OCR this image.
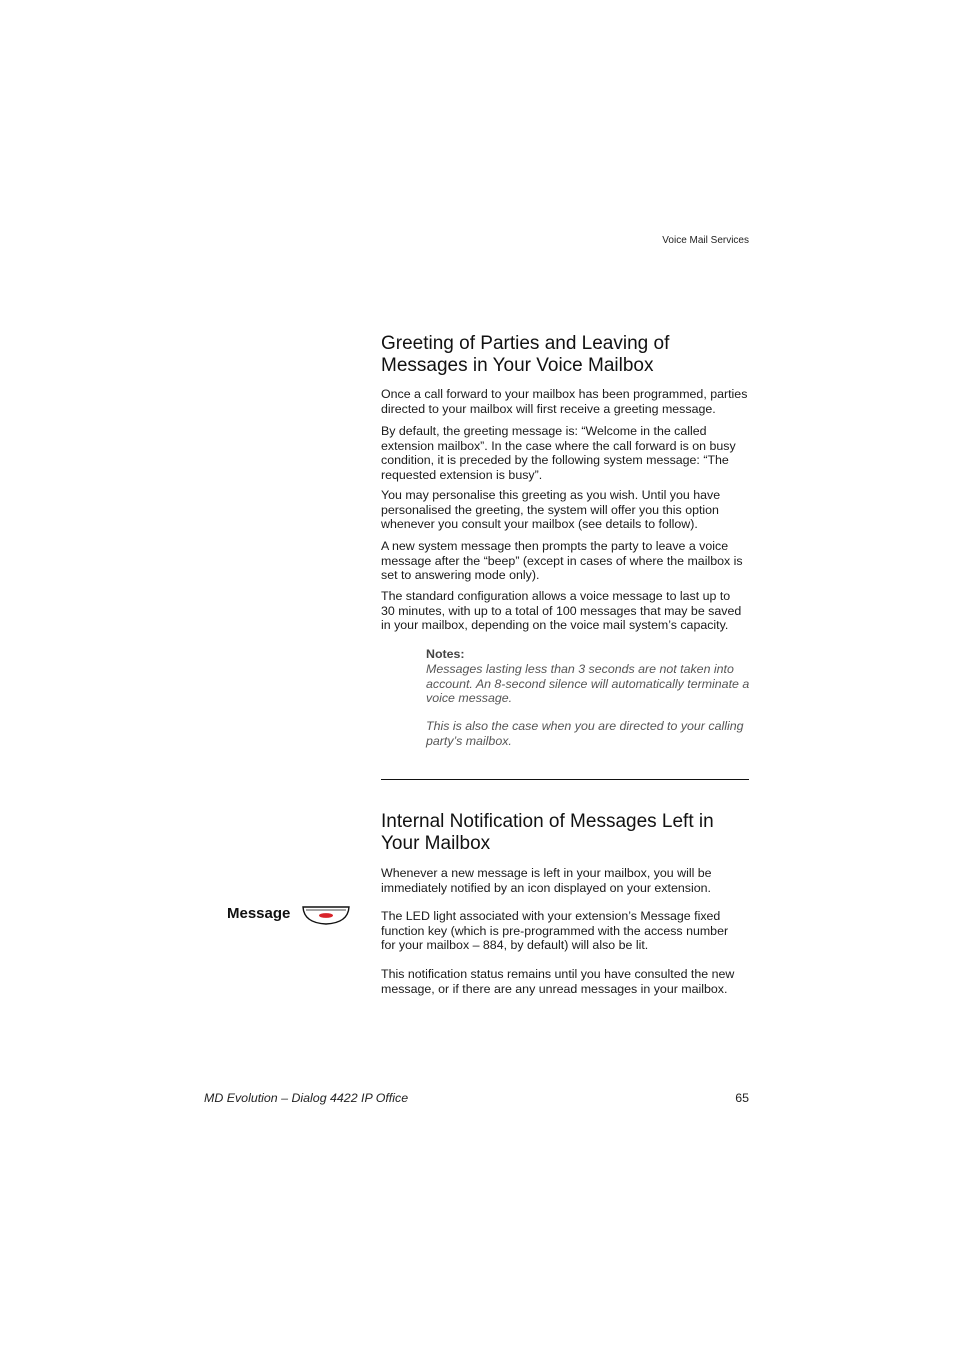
Voice Mail Services
Greeting of Parties and Leaving of
Messages in Your Voice Mailbox

Once a call forward to your mailbox has been programmed, parties
directed to your mailbox will first receive a greeting message.

By default, the greeting message is: “Welcome in the called
extension mailbox”. In the case where the call forward is on busy
condition, it is preceded by the following system message: “The
requested extension is busy”.

You may personalise this greeting as you wish. Until you have
personalised the greeting, the system will offer you this option
whenever you consult your mailbox (see details to follow).

A new system message then prompts the party to leave a voice
message after the “beep” (except in cases of where the mailbox is
set to answering mode only).

The standard configuration allows a voice message to last up to
30 minutes, with up to a total of 100 messages that may be saved
in your mailbox, depending on the voice mail system’s capacity.

Notes:

Messages lasting less than 3 seconds are not taken into
account. An 8-second silence will automatically terminate a
voice message.

This is also the case when you are directed to your calling
party’s mailbox.

Internal Notification of Messages Left in
Your Mailbox

Whenever a new message is left in your mailbox, you will be
immediately notified by an icon displayed on your extension.

Message	The LED light associated with your extension’s Message fixed
function key (which is pre-programmed with the access number
for your mailbox – 884, by default) will also be lit.

This notification status remains until you have consulted the new
message, or if there are any unread messages in your mailbox.

MD Evolution – Dialog 4422 IP Office	65
